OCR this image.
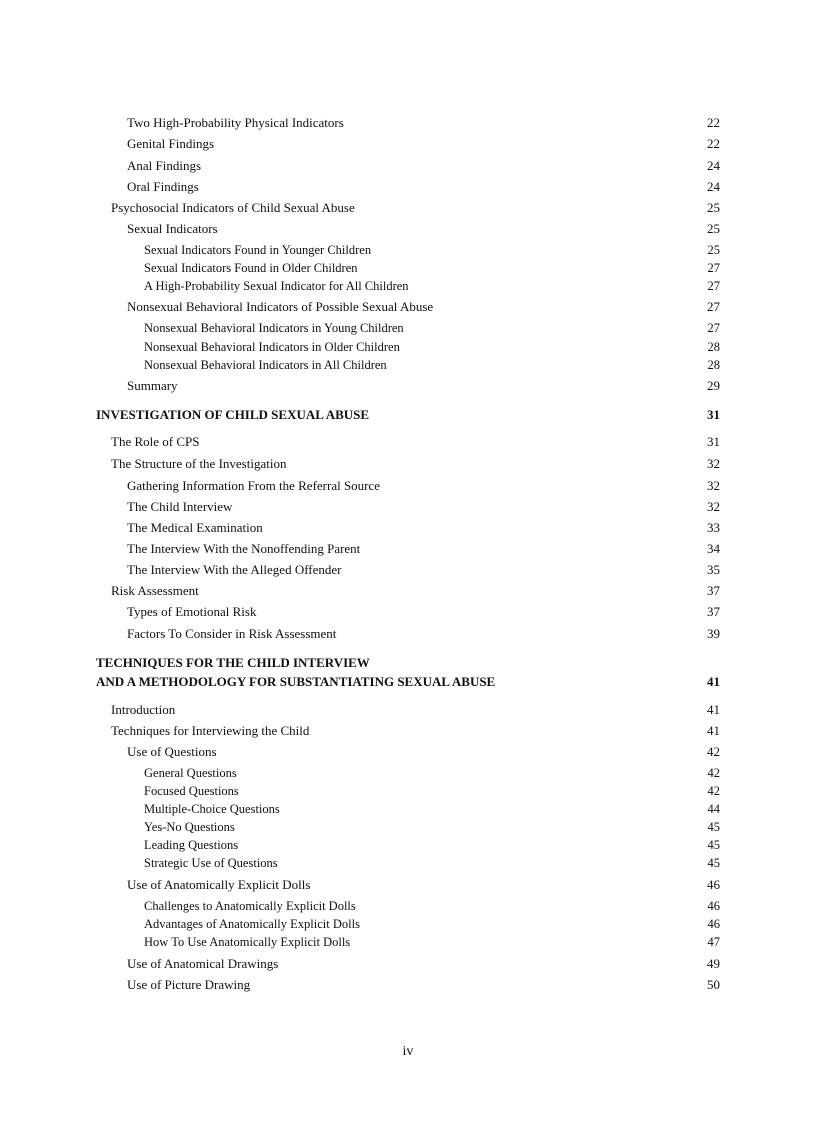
Two High-Probability Physical Indicators	22
Genital Findings	22
Anal Findings	24
Oral Findings	24
Psychosocial Indicators of Child Sexual Abuse	25
Sexual Indicators	25
Sexual Indicators Found in Younger Children	25
Sexual Indicators Found in Older Children	27
A High-Probability Sexual Indicator for All Children	27
Nonsexual Behavioral Indicators of Possible Sexual Abuse	27
Nonsexual Behavioral Indicators in Young Children	27
Nonsexual Behavioral Indicators in Older Children	28
Nonsexual Behavioral Indicators in All Children	28
Summary	29
INVESTIGATION OF CHILD SEXUAL ABUSE	31
The Role of CPS	31
The Structure of the Investigation	32
Gathering Information From the Referral Source	32
The Child Interview	32
The Medical Examination	33
The Interview With the Nonoffending Parent	34
The Interview With the Alleged Offender	35
Risk Assessment	37
Types of Emotional Risk	37
Factors To Consider in Risk Assessment	39
TECHNIQUES FOR THE CHILD INTERVIEW
AND A METHODOLOGY FOR SUBSTANTIATING SEXUAL ABUSE	41
Introduction	41
Techniques for Interviewing the Child	41
Use of Questions	42
General Questions	42
Focused Questions	42
Multiple-Choice Questions	44
Yes-No Questions	45
Leading Questions	45
Strategic Use of Questions	45
Use of Anatomically Explicit Dolls	46
Challenges to Anatomically Explicit Dolls	46
Advantages of Anatomically Explicit Dolls	46
How To Use Anatomically Explicit Dolls	47
Use of Anatomical Drawings	49
Use of Picture Drawing	50
iv
